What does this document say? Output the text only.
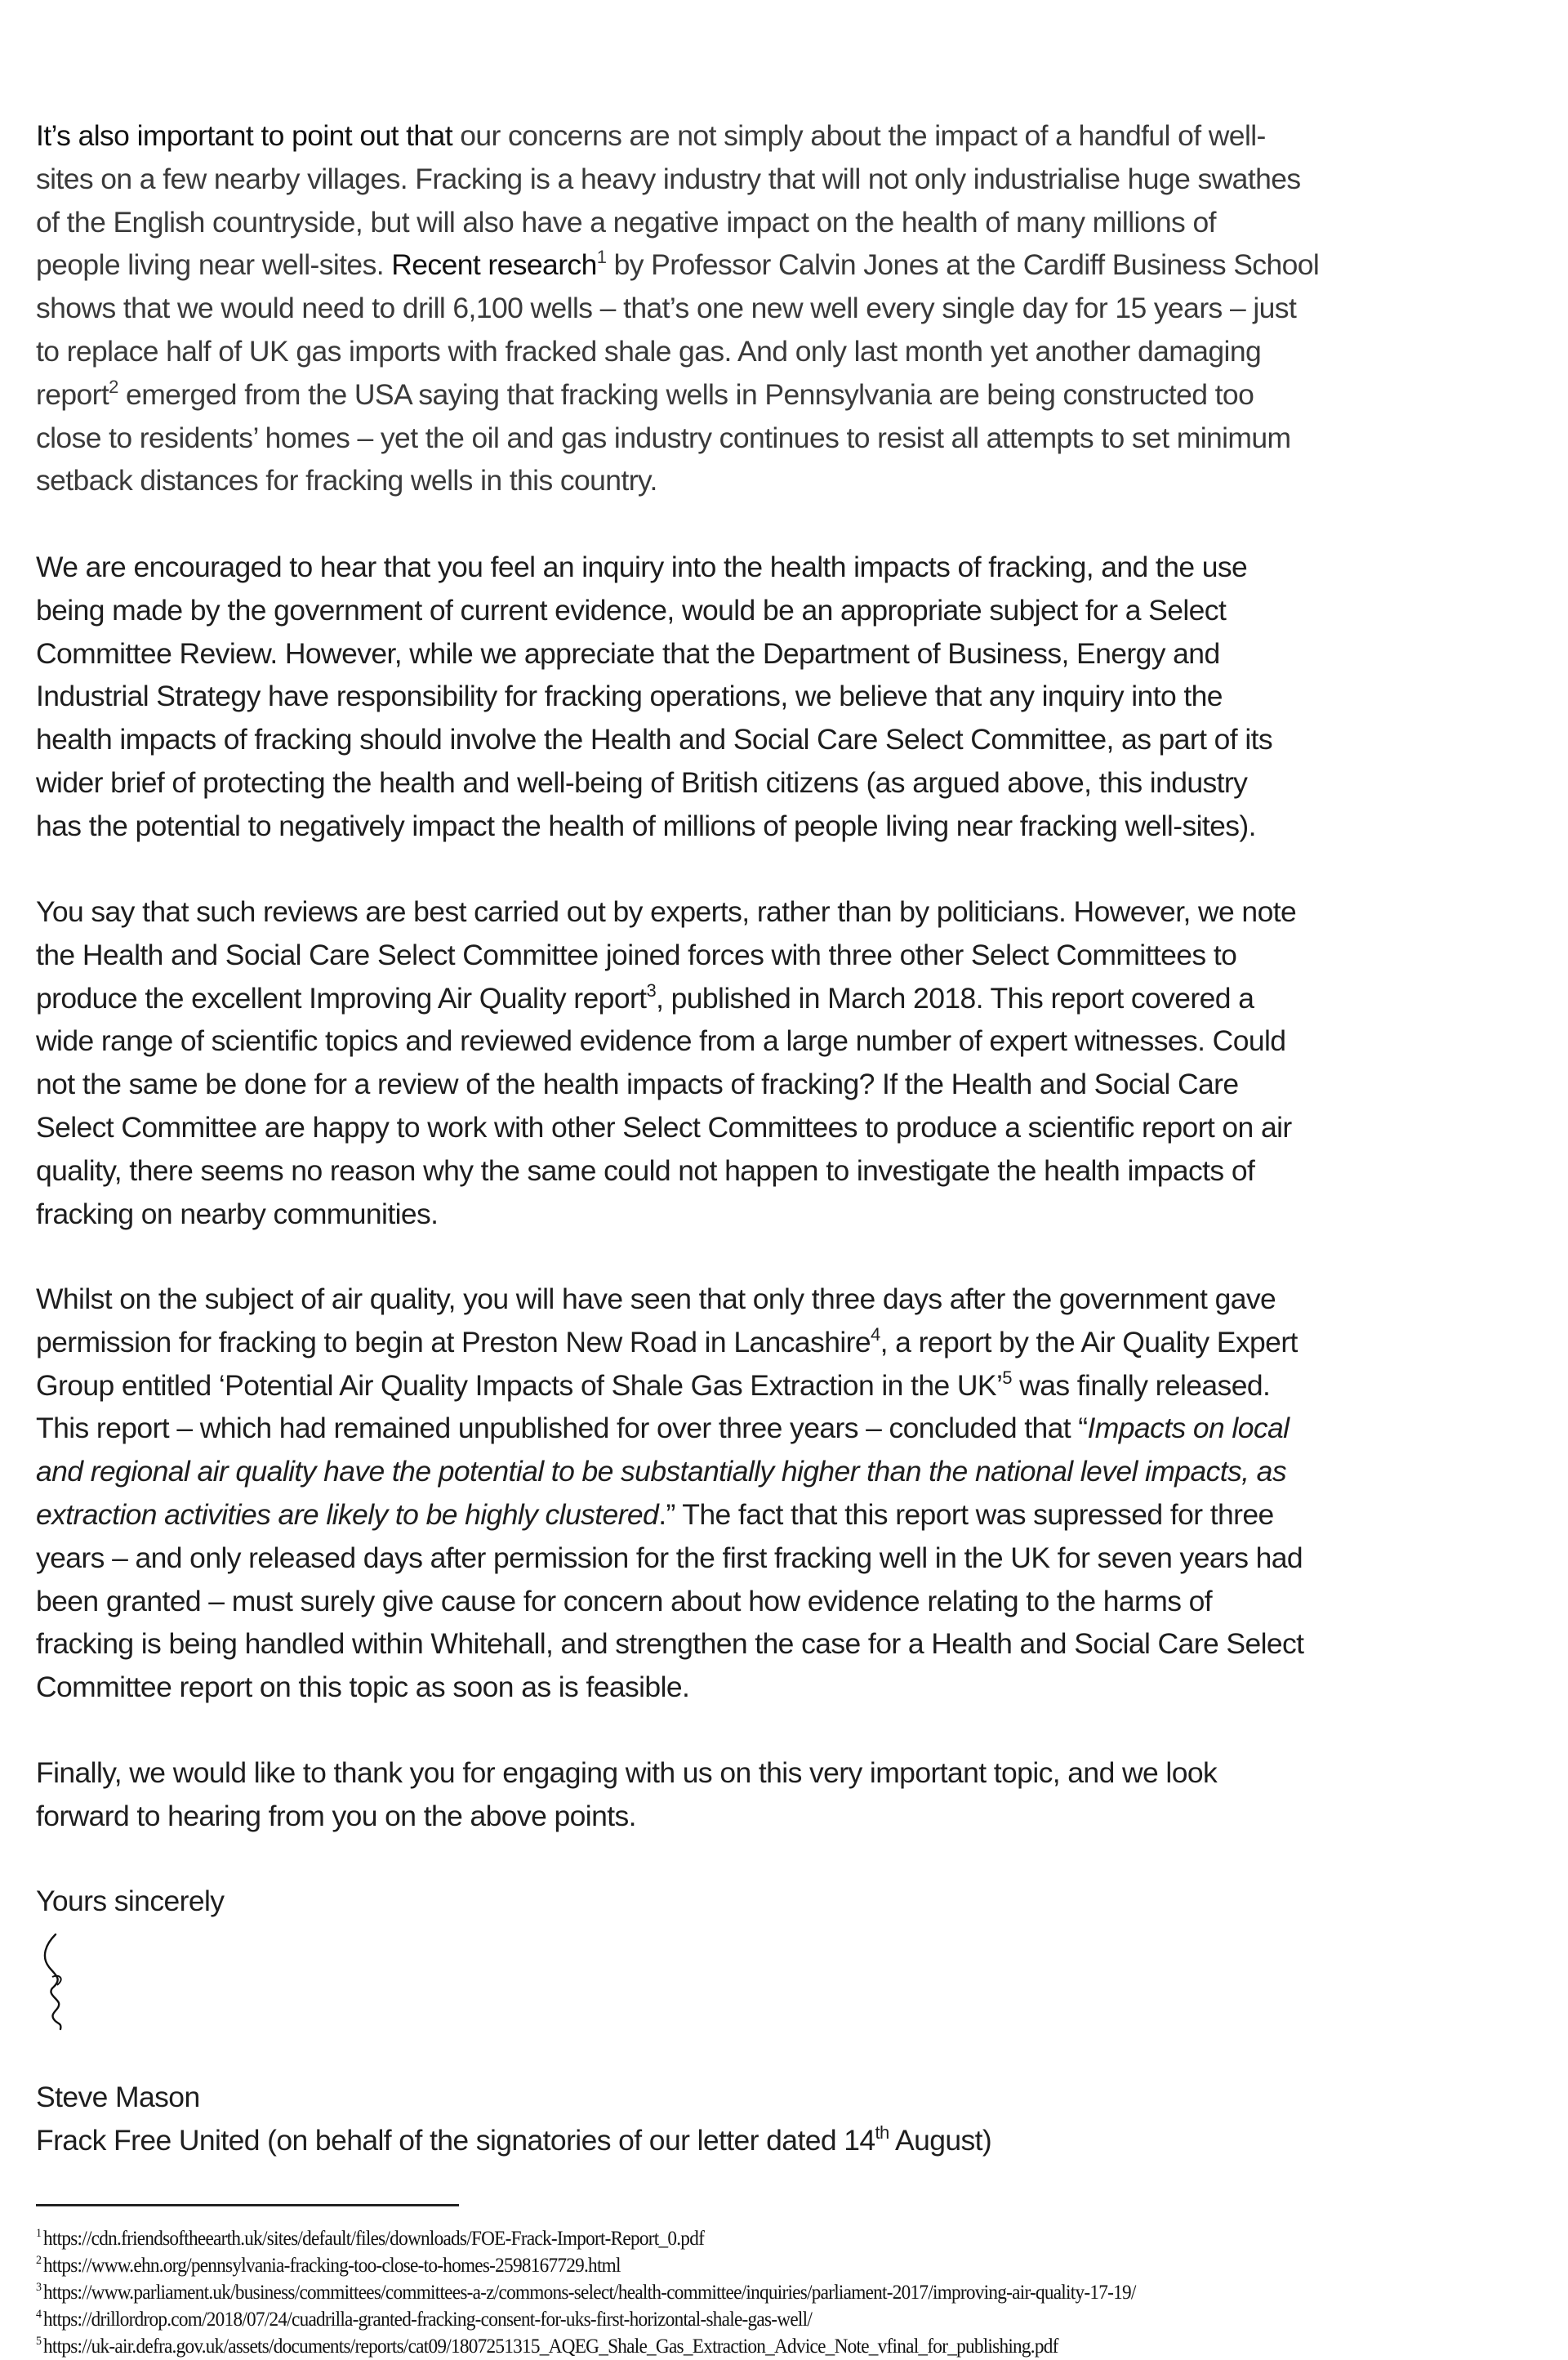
It’s also important to point out that our concerns are not simply about the impact of a handful of well-
sites on a few nearby villages. Fracking is a heavy industry that will not only industrialise huge swathes
of the English countryside, but will also have a negative impact on the health of many millions of
people living near well-sites. Recent research$^1$ by Professor Calvin Jones at the Cardiff Business School
shows that we would need to drill 6,100 wells – that’s one new well every single day for 15 years – just
to replace half of UK gas imports with fracked shale gas. And only last month yet another damaging
report$^2$ emerged from the USA saying that fracking wells in Pennsylvania are being constructed too
close to residents’ homes – yet the oil and gas industry continues to resist all attempts to set minimum
setback distances for fracking wells in this country.
We are encouraged to hear that you feel an inquiry into the health impacts of fracking, and the use
being made by the government of current evidence, would be an appropriate subject for a Select
Committee Review. However, while we appreciate that the Department of Business, Energy and
Industrial Strategy have responsibility for fracking operations, we believe that any inquiry into the
health impacts of fracking should involve the Health and Social Care Select Committee, as part of its
wider brief of protecting the health and well-being of British citizens (as argued above, this industry
has the potential to negatively impact the health of millions of people living near fracking well-sites).
You say that such reviews are best carried out by experts, rather than by politicians. However, we note
the Health and Social Care Select Committee joined forces with three other Select Committees to
produce the excellent Improving Air Quality report$^3$, published in March 2018. This report covered a
wide range of scientific topics and reviewed evidence from a large number of expert witnesses. Could
not the same be done for a review of the health impacts of fracking? If the Health and Social Care
Select Committee are happy to work with other Select Committees to produce a scientific report on air
quality, there seems no reason why the same could not happen to investigate the health impacts of
fracking on nearby communities.
Whilst on the subject of air quality, you will have seen that only three days after the government gave
permission for fracking to begin at Preston New Road in Lancashire$^4$, a report by the Air Quality Expert
Group entitled ‘Potential Air Quality Impacts of Shale Gas Extraction in the UK’$^5$ was finally released.
This report – which had remained unpublished for over three years – concluded that “Impacts on local
and regional air quality have the potential to be substantially higher than the national level impacts, as
extraction activities are likely to be highly clustered.” The fact that this report was supressed for three
years – and only released days after permission for the first fracking well in the UK for seven years had
been granted – must surely give cause for concern about how evidence relating to the harms of
fracking is being handled within Whitehall, and strengthen the case for a Health and Social Care Select
Committee report on this topic as soon as is feasible.
Finally, we would like to thank you for engaging with us on this very important topic, and we look
forward to hearing from you on the above points.
Yours sincerely
Steve Mason
Frack Free United (on behalf of the signatories of our letter dated 14th August)
$^1$ https://cdn.friendsoftheearth.uk/sites/default/files/downloads/FOE-Frack-Import-Report_0.pdf
$^2$ https://www.ehn.org/pennsylvania-fracking-too-close-to-homes-2598167729.html
$^3$ https://www.parliament.uk/business/committees/committees-a-z/commons-select/health-committee/inquiries/parliament-2017/improving-air-quality-17-19/
$^4$ https://drillordrop.com/2018/07/24/cuadrilla-granted-fracking-consent-for-uks-first-horizontal-shale-gas-well/
$^5$ https://uk-air.defra.gov.uk/assets/documents/reports/cat09/1807251315_AQEG_Shale_Gas_Extraction_Advice_Note_vfinal_for_publishing.pdf
